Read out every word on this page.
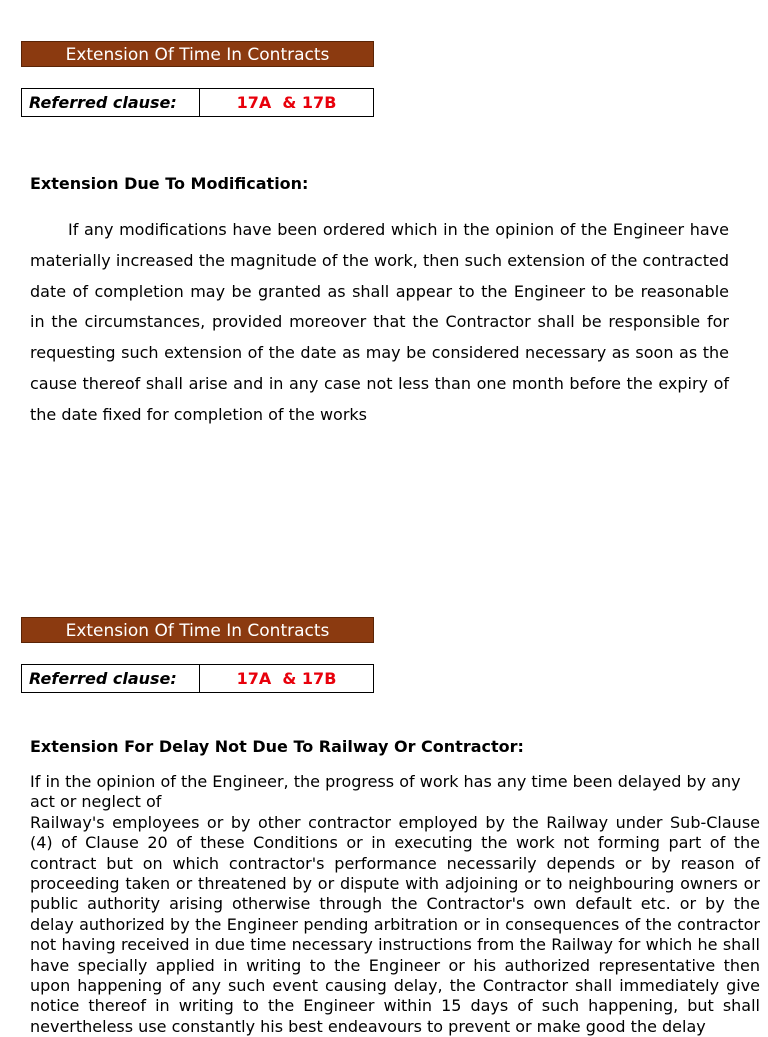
Extension Of Time In Contracts
Referred clause:	17A  & 17B
Extension Due To Modification:
If any modifications have been ordered which in the opinion of the Engineer have materially increased the magnitude of the work, then such extension of the contracted date of completion may be granted as shall appear to the Engineer to be reasonable in the circumstances, provided moreover that the Contractor shall be responsible for requesting such extension of the date as may be considered necessary as soon as the cause thereof shall arise and in any case not less than one month before the expiry of the date fixed for completion of the works
Extension Of Time In Contracts
Referred clause:	17A  & 17B
Extension For Delay Not Due To Railway Or Contractor:
If in the opinion of the Engineer, the progress of work has any time been delayed by any act or neglect of
Railway's employees or by other contractor employed by the Railway under Sub-Clause (4) of Clause 20 of these Conditions or in executing the work not forming part of the contract but on which contractor's performance necessarily depends or by reason of proceeding taken or threatened by or dispute with adjoining or to neighbouring owners or public authority arising otherwise through the Contractor's own default etc. or by the delay authorized by the Engineer pending arbitration or in consequences of the contractor not having received in due time necessary instructions from the Railway for which he shall have specially applied in writing to the Engineer or his authorized representative then upon happening of any such event causing delay, the Contractor shall immediately give notice thereof in writing to the Engineer within 15 days of such happening, but shall nevertheless use constantly his best endeavours to prevent or make good the delay
